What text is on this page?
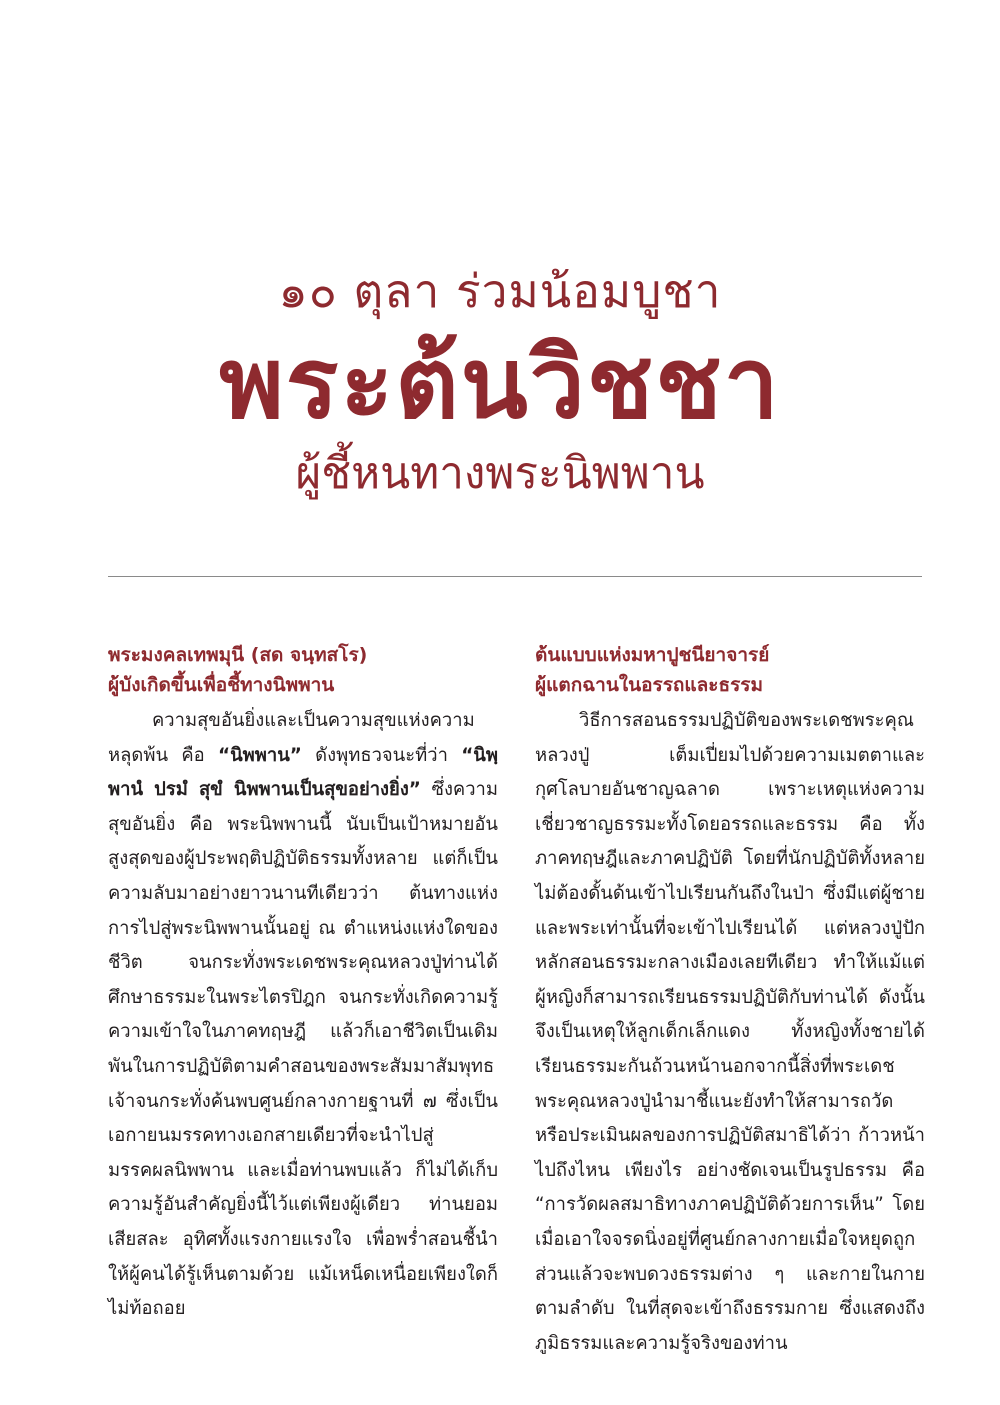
๑๐ ตุลา ร่วมน้อมบูชา
พระต้นวิชชา
ผู้ชี้หนทางพระนิพพาน
พระมงคลเทพมุนี (สด จนฺทสโร)
ผู้บังเกิดขึ้นเพื่อชี้ทางนิพพาน
ความสุขอันยิ่งและเป็นความสุขแห่งความหลุดพ้น คือ “นิพพาน” ดังพุทธวจนะที่ว่า “นิพฺพานํ ปรมํ สุขํ นิพพานเป็นสุขอย่างยิ่ง” ซึ่งความสุขอันยิ่ง คือ พระนิพพานนี้ นับเป็นเป้าหมายอันสูงสุดของผู้ประพฤติปฏิบัติธรรมทั้งหลาย แต่ก็เป็นความลับมาอย่างยาวนานทีเดียวว่า ต้นทางแห่งการไปสู่พระนิพพานนั้นอยู่ ณ ตำแหน่งแห่งใดของชีวิต จนกระทั่งพระเดชพระคุณหลวงปู่ท่านได้ศึกษาธรรมะในพระไตรปิฎก จนกระทั่งเกิดความรู้ความเข้าใจในภาคทฤษฎี แล้วก็เอาชีวิตเป็นเดิมพันในการปฏิบัติตามคำสอนของพระสัมมาสัมพุทธเจ้าจนกระทั่งค้นพบศูนย์กลางกายฐานที่ ๗ ซึ่งเป็นเอกายนมรรคทางเอกสายเดียวที่จะนำไปสู่มรรคผลนิพพาน และเมื่อท่านพบแล้ว ก็ไม่ได้เก็บความรู้อันสำคัญยิ่งนี้ไว้แต่เพียงผู้เดียว ท่านยอมเสียสละ อุทิศทั้งแรงกายแรงใจ เพื่อพร่ำสอนชี้นำให้ผู้คนได้รู้เห็นตามด้วย แม้เหน็ดเหนื่อยเพียงใดก็ไม่ท้อถอย
ต้นแบบแห่งมหาปูชนียาจารย์
ผู้แตกฉานในอรรถและธรรม
วิธีการสอนธรรมปฏิบัติของพระเดชพระคุณหลวงปู่ เต็มเปี่ยมไปด้วยความเมตตาและกุศโลบายอันชาญฉลาด เพราะเหตุแห่งความเชี่ยวชาญธรรมะทั้งโดยอรรถและธรรม คือ ทั้งภาคทฤษฎีและภาคปฏิบัติ โดยที่นักปฏิบัติทั้งหลายไม่ต้องดั้นด้นเข้าไปเรียนกันถึงในป่า ซึ่งมีแต่ผู้ชายและพระเท่านั้นที่จะเข้าไปเรียนได้ แต่หลวงปู่ปักหลักสอนธรรมะกลางเมืองเลยทีเดียว ทำให้แม้แต่ผู้หญิงก็สามารถเรียนธรรมปฏิบัติกับท่านได้ ดังนั้นจึงเป็นเหตุให้ลูกเด็กเล็กแดง ทั้งหญิงทั้งชายได้เรียนธรรมะกันถ้วนหน้านอกจากนี้สิ่งที่พระเดชพระคุณหลวงปู่นำมาชี้แนะยังทำให้สามารถวัดหรือประเมินผลของการปฏิบัติสมาธิได้ว่า ก้าวหน้าไปถึงไหน เพียงไร อย่างชัดเจนเป็นรูปธรรม คือ “การวัดผลสมาธิทางภาคปฏิบัติด้วยการเห็น” โดยเมื่อเอาใจจรดนิ่งอยู่ที่ศูนย์กลางกายเมื่อใจหยุดถูกส่วนแล้วจะพบดวงธรรมต่าง ๆ และกายในกายตามลำดับ ในที่สุดจะเข้าถึงธรรมกาย ซึ่งแสดงถึงภูมิธรรมและความรู้จริงของท่าน
